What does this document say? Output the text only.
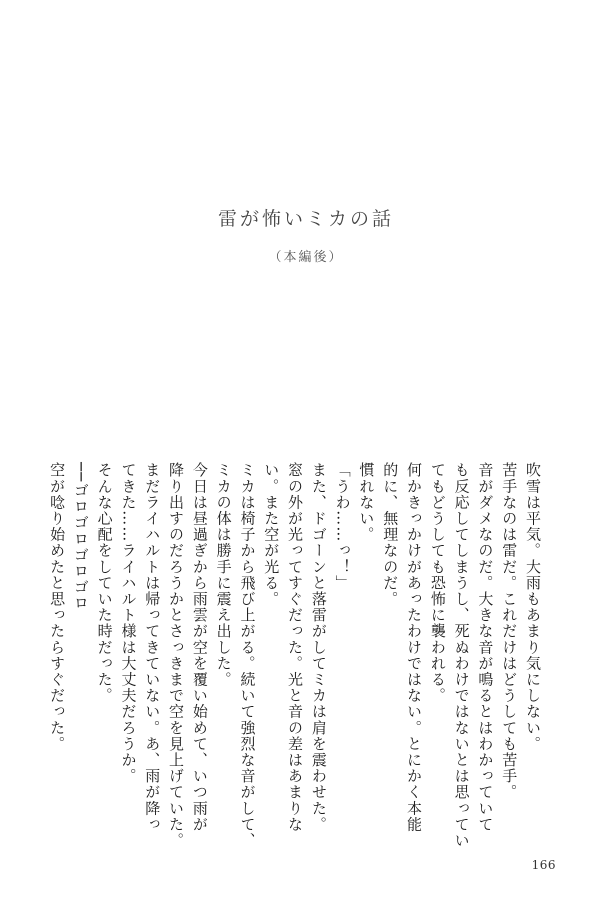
雷が怖いミカの話
（本編後）

吹雪は平気。大雨もあまり気にしない。

苦手なのは雷だ。これだけはどうしても苦手。

音がダメなのだ。大きな音が鳴るとはわかっていて

も反応してしまうし、死ぬわけではないとは思ってい

てもどうしても恐怖に襲われる。

何かきっかけがあったわけではない。とにかく本能

的に、無理なのだ。

慣れない。

「うわ……っ！」

また、ドゴーンと落雷がしてミカは肩を震わせた。

窓の外が光ってすぐだった。光と音の差はあまりな

い。また空が光る。

ミカは椅子から飛び上がる。続いて強烈な音がして、

ミカの体は勝手に震え出した。

今日は昼過ぎから雨雲が空を覆い始めて、いつ雨が

降り出すのだろうかとさっきまで空を見上げていた。

まだライハルトは帰ってきていない。あ、雨が降っ

てきた……ライハルト様は大丈夫だろうか。

そんな心配をしていた時だった。

──ゴロゴロゴロゴロ

空が唸り始めたと思ったらすぐだった。

166
